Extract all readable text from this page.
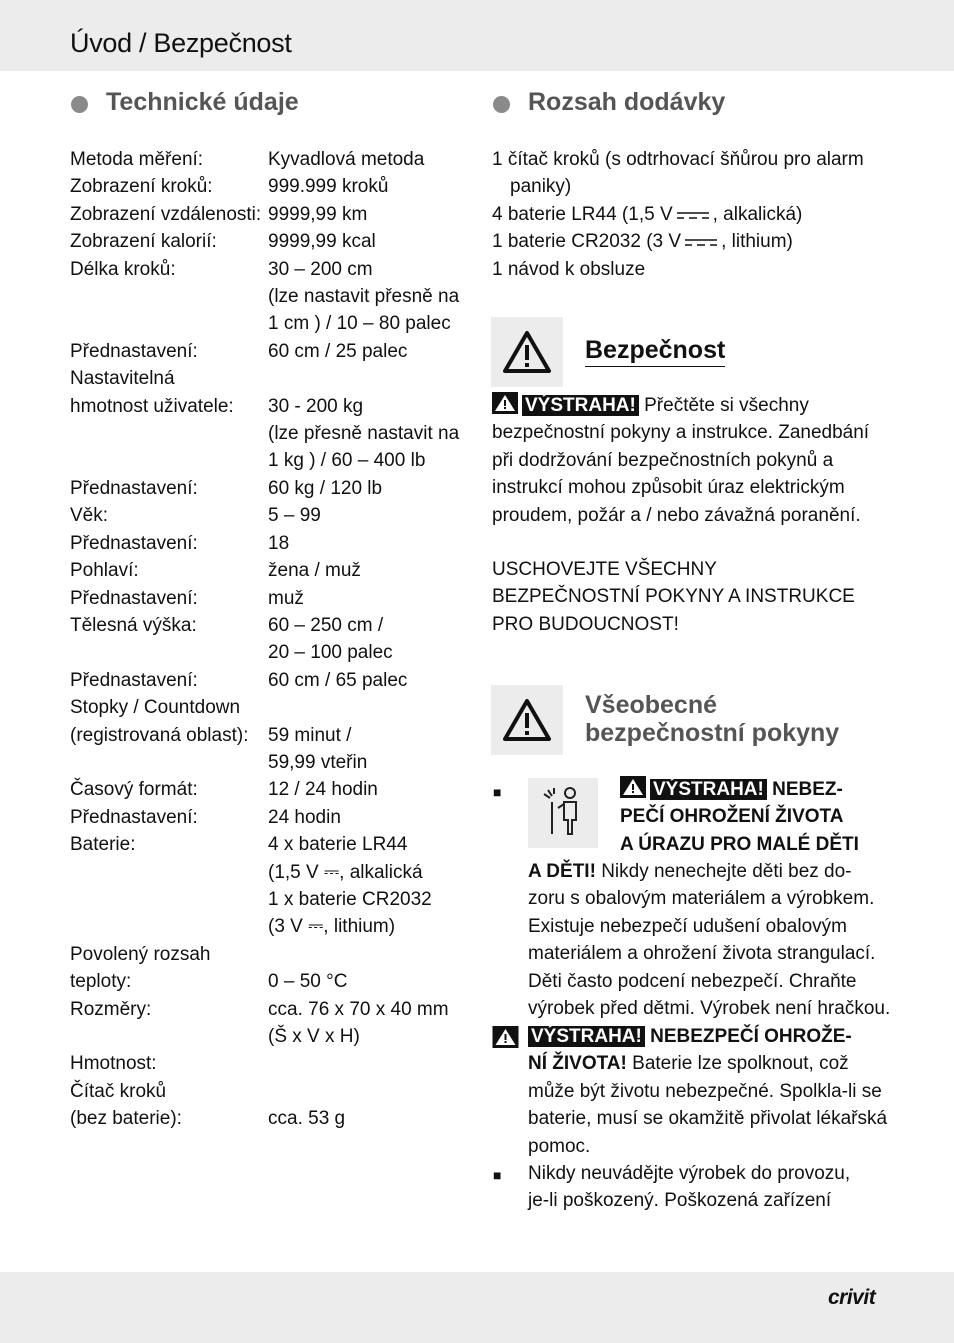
Úvod / Bezpečnost
Technické údaje
Metoda měření:	Kyvadlová metoda
Zobrazení kroků:	999.999 kroků
Zobrazení vzdálenosti: 9999,99 km
Zobrazení kalorií:	9999,99 kcal
Délka kroků:	30 – 200 cm
(lze nastavit přesně na
1 cm ) / 10 – 80 palec
Přednastavení:	60 cm / 25 palec
Nastavitelná
hmotnost uživatele:	30 - 200 kg
(lze přesně nastavit na
1 kg ) / 60 – 400 lb
Přednastavení:	60 kg / 120 lb
Věk:	5 – 99
Přednastavení:	18
Pohlaví:	žena / muž
Přednastavení:	muž
Tělesná výška:	60 – 250 cm /
20 – 100 palec
Přednastavení:	60 cm / 65 palec
Stopky / Countdown
(registrovaná oblast):	59 minut /
59,99 vteřin
Časový formát:	12 / 24 hodin
Přednastavení:	24 hodin
Baterie:	4 x baterie LR44
(1,5 V ⎓, alkalická
1 x baterie CR2032
(3 V ⎓, lithium)
Povolený rozsah
teploty:	0 – 50 °C
Rozměry:	cca. 76 x 70 x 40 mm
(Š x V x H)
Hmotnost:
Čítač kroků
(bez baterie):	cca. 53 g
Rozsah dodávky
1 čítač kroků (s odtrhovací šňůrou pro alarm
paniky)
4 baterie LR44 (1,5 V , alkalická)
1 baterie CR2032 (3 V , lithium)
1 návod k obsluze
Bezpečnost
VÝSTRAHA! Přečtěte si všechny
bezpečnostní pokyny a instrukce. Zanedbání
při dodržování bezpečnostních pokynů a
instrukcí mohou způsobit úraz elektrickým
proudem, požár a / nebo závažná poranění.
USCHOVEJTE VŠECHNY
BEZPEČNOSTNÍ POKYNY A INSTRUKCE
PRO BUDOUCNOST!
Všeobecné
bezpečnostní pokyny
■	VÝSTRAHA! NEBEZ-
PEČÍ OHROŽENÍ ŽIVOTA
A ÚRAZU PRO MALÉ DĚTI
A DĚTI! Nikdy nenechejte děti bez do-
zoru s obalovým materiálem a výrobkem.
Existuje nebezpečí udušení obalovým
materiálem a ohrožení života strangulací.
Děti často podcení nebezpečí. Chraňte
výrobek před dětmi. Výrobek není hračkou.
VÝSTRAHA! NEBEZPEČÍ OHROŽE-
NÍ ŽIVOTA! Baterie lze spolknout, což
může být životu nebezpečné. Spolkla-li se
baterie, musí se okamžitě přivolat lékařská
pomoc.
■ Nikdy neuvádějte výrobek do provozu,
je-li poškozený. Poškozená zařízení

crivit
